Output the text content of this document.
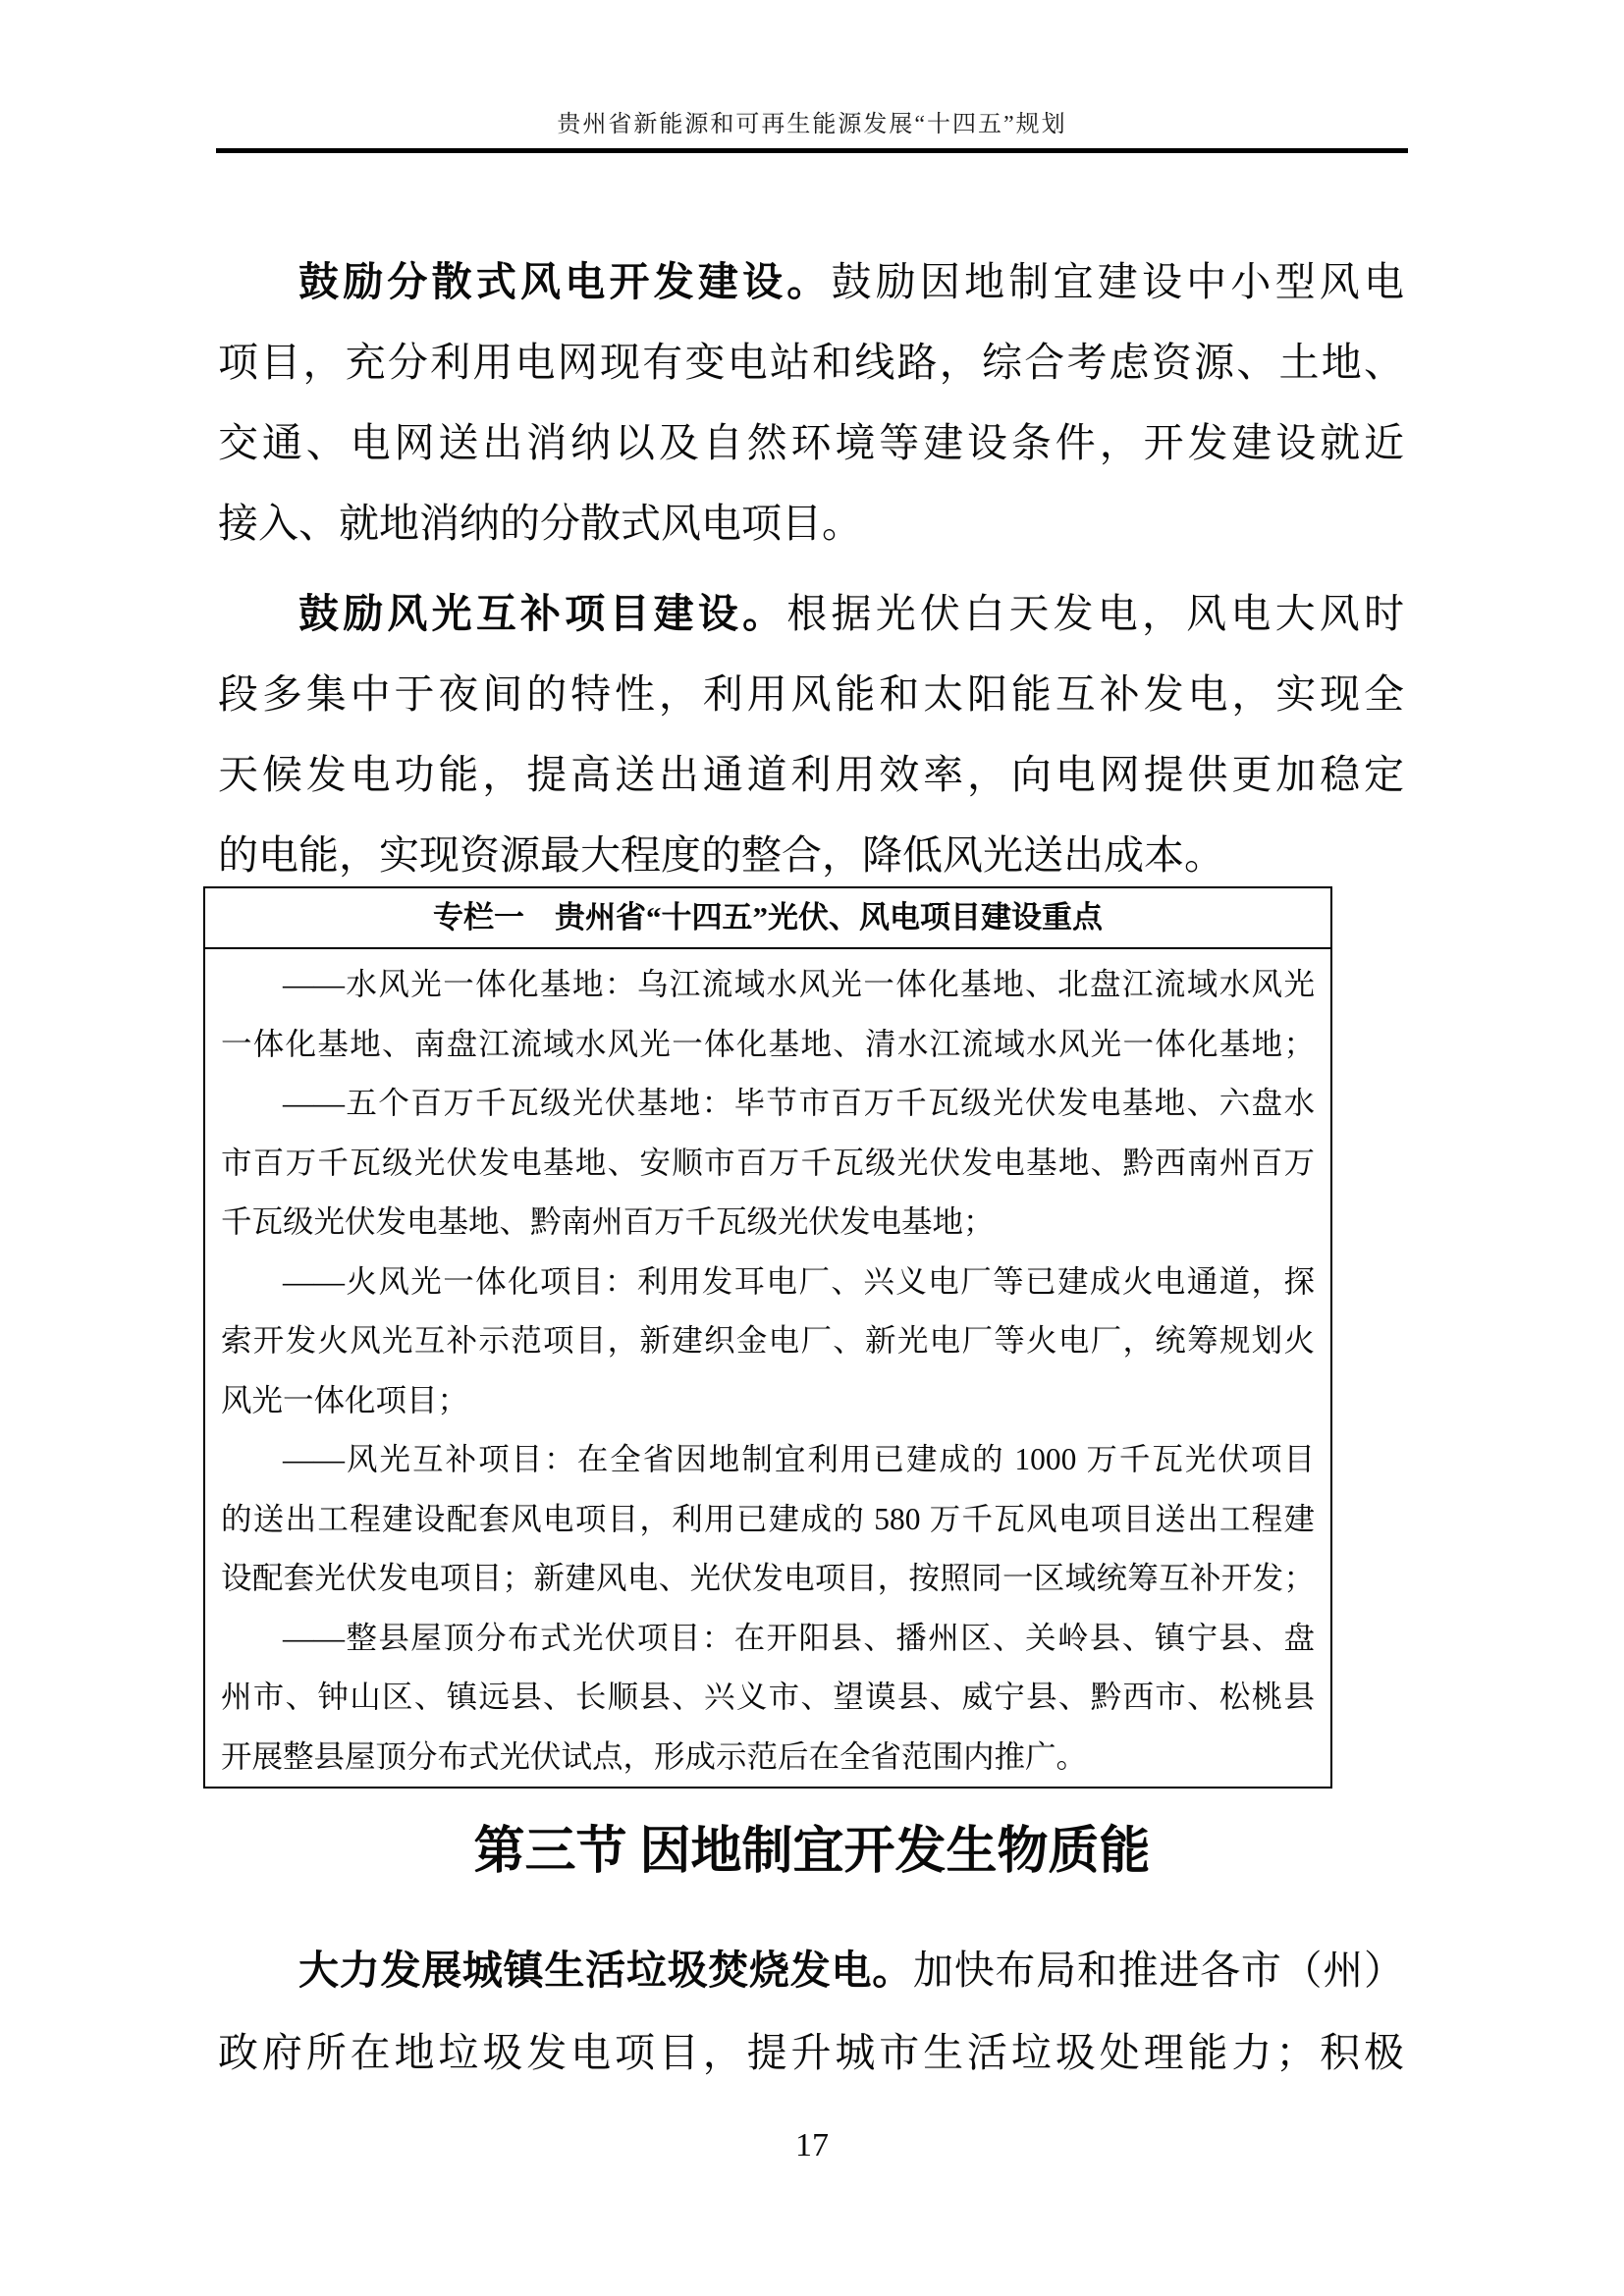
贵州省新能源和可再生能源发展“十四五”规划
鼓励分散式风电开发建设。鼓励因地制宜建设中小型风电
项目，充分利用电网现有变电站和线路，综合考虑资源、土地、
交通、电网送出消纳以及自然环境等建设条件，开发建设就近
接入、就地消纳的分散式风电项目。
鼓励风光互补项目建设。根据光伏白天发电，风电大风时
段多集中于夜间的特性，利用风能和太阳能互补发电，实现全
天候发电功能，提高送出通道利用效率，向电网提供更加稳定
的电能，实现资源最大程度的整合，降低风光送出成本。
专栏一　贵州省“十四五”光伏、风电项目建设重点
——水风光一体化基地：乌江流域水风光一体化基地、北盘江流域水风光
一体化基地、南盘江流域水风光一体化基地、清水江流域水风光一体化基地；
——五个百万千瓦级光伏基地：毕节市百万千瓦级光伏发电基地、六盘水
市百万千瓦级光伏发电基地、安顺市百万千瓦级光伏发电基地、黔西南州百万
千瓦级光伏发电基地、黔南州百万千瓦级光伏发电基地；
——火风光一体化项目：利用发耳电厂、兴义电厂等已建成火电通道，探
索开发火风光互补示范项目，新建织金电厂、新光电厂等火电厂，统筹规划火
风光一体化项目；
——风光互补项目：在全省因地制宜利用已建成的 1000 万千瓦光伏项目
的送出工程建设配套风电项目，利用已建成的 580 万千瓦风电项目送出工程建
设配套光伏发电项目；新建风电、光伏发电项目，按照同一区域统筹互补开发；
——整县屋顶分布式光伏项目：在开阳县、播州区、关岭县、镇宁县、盘
州市、钟山区、镇远县、长顺县、兴义市、望谟县、威宁县、黔西市、松桃县
开展整县屋顶分布式光伏试点，形成示范后在全省范围内推广。
第三节 因地制宜开发生物质能
大力发展城镇生活垃圾焚烧发电。加快布局和推进各市（州）
政府所在地垃圾发电项目，提升城市生活垃圾处理能力；积极
17
